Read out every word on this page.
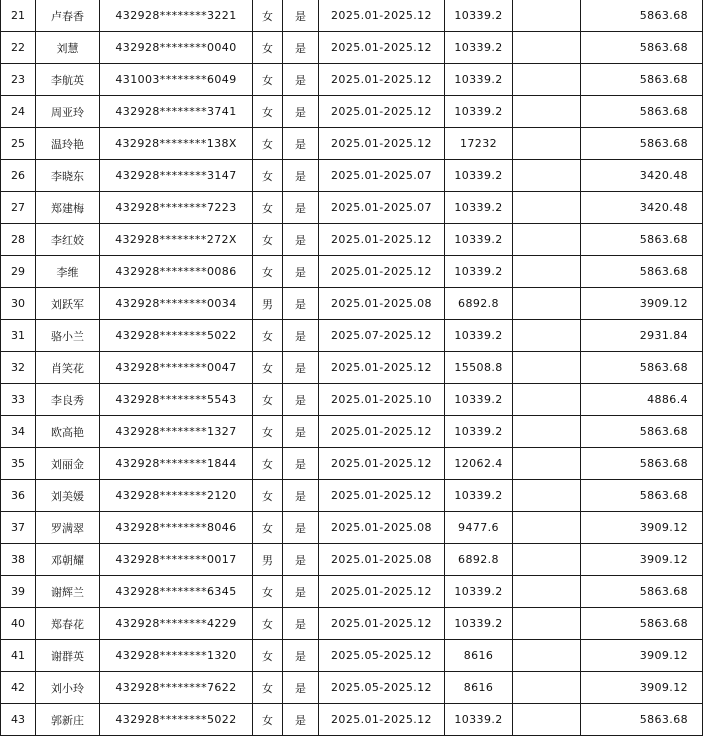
21	卢春香	432928********3221	女	是	2025.01-2025.12	10339.2		5863.68
22	刘慧	432928********0040	女	是	2025.01-2025.12	10339.2		5863.68
23	李航英	431003********6049	女	是	2025.01-2025.12	10339.2		5863.68
24	周亚玲	432928********3741	女	是	2025.01-2025.12	10339.2		5863.68
25	温玲艳	432928********138X	女	是	2025.01-2025.12	17232		5863.68
26	李晓东	432928********3147	女	是	2025.01-2025.07	10339.2		3420.48
27	郑建梅	432928********7223	女	是	2025.01-2025.07	10339.2		3420.48
28	李红姣	432928********272X	女	是	2025.01-2025.12	10339.2		5863.68
29	李维	432928********0086	女	是	2025.01-2025.12	10339.2		5863.68
30	刘跃军	432928********0034	男	是	2025.01-2025.08	6892.8		3909.12
31	骆小兰	432928********5022	女	是	2025.07-2025.12	10339.2		2931.84
32	肖笑花	432928********0047	女	是	2025.01-2025.12	15508.8		5863.68
33	李良秀	432928********5543	女	是	2025.01-2025.10	10339.2		4886.4
34	欧高艳	432928********1327	女	是	2025.01-2025.12	10339.2		5863.68
35	刘丽金	432928********1844	女	是	2025.01-2025.12	12062.4		5863.68
36	刘美媛	432928********2120	女	是	2025.01-2025.12	10339.2		5863.68
37	罗满翠	432928********8046	女	是	2025.01-2025.08	9477.6		3909.12
38	邓朝耀	432928********0017	男	是	2025.01-2025.08	6892.8		3909.12
39	谢辉兰	432928********6345	女	是	2025.01-2025.12	10339.2		5863.68
40	郑春花	432928********4229	女	是	2025.01-2025.12	10339.2		5863.68
41	谢群英	432928********1320	女	是	2025.05-2025.12	8616		3909.12
42	刘小玲	432928********7622	女	是	2025.05-2025.12	8616		3909.12
43	郭新庄	432928********5022	女	是	2025.01-2025.12	10339.2		5863.68
